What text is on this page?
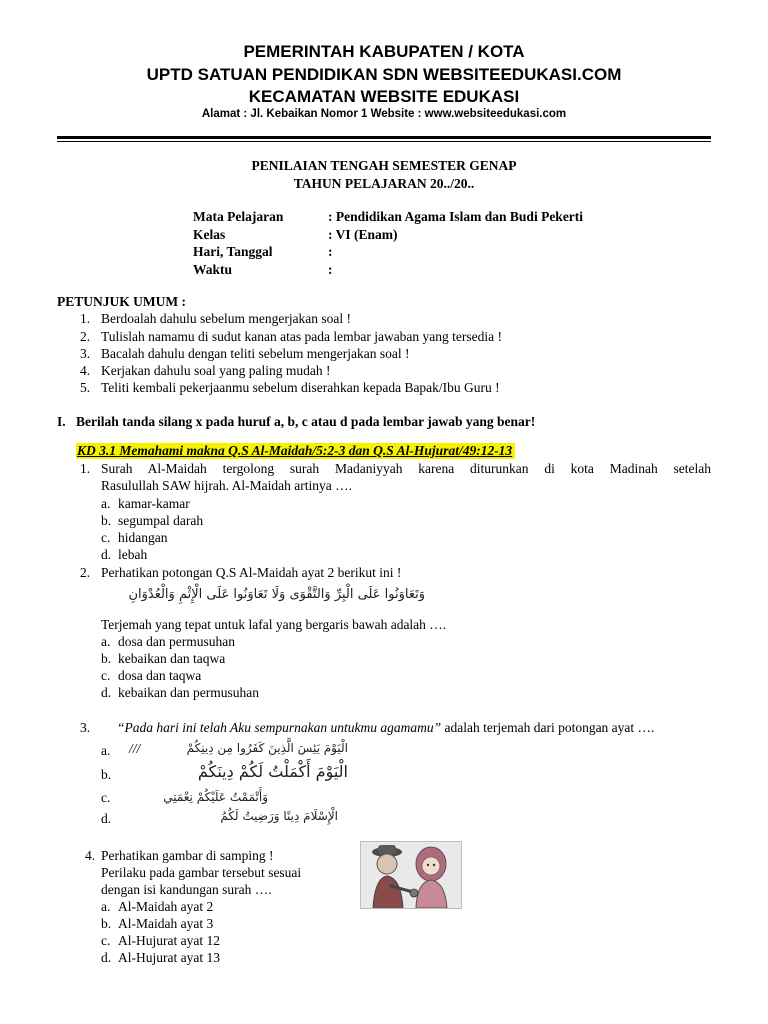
PEMERINTAH KABUPATEN / KOTA
UPTD SATUAN PENDIDIKAN SDN WEBSITEEDUKASI.COM
KECAMATAN WEBSITE EDUKASI
Alamat : Jl. Kebaikan Nomor 1 Website : www.websiteedukasi.com
PENILAIAN TENGAH SEMESTER GENAP
TAHUN PELAJARAN 20../20..
Mata Pelajaran	: Pendidikan Agama Islam dan Budi Pekerti
Kelas	: VI (Enam)
Hari, Tanggal	:
Waktu	:
PETUNJUK UMUM :
1. Berdoalah dahulu sebelum mengerjakan soal !
2. Tulislah namamu di sudut kanan atas pada lembar jawaban yang tersedia !
3. Bacalah dahulu dengan teliti sebelum mengerjakan soal !
4. Kerjakan dahulu soal yang paling mudah !
5. Teliti kembali pekerjaanmu sebelum diserahkan kepada Bapak/Ibu Guru !
I. Berilah tanda silang x pada huruf a, b, c atau d pada lembar jawab yang benar!
KD 3.1 Memahami makna Q.S Al-Maidah/5:2-3 dan Q.S Al-Hujurat/49:12-13
1. Surah Al-Maidah tergolong surah Madaniyyah karena diturunkan di kota Madinah setelah
Rasulullah SAW hijrah. Al-Maidah artinya ….
a. kamar-kamar
b. segumpal darah
c. hidangan
d. lebah
2. Perhatikan potongan Q.S Al-Maidah ayat 2 berikut ini !
وَتَعَاوَنُوا عَلَى الْبِرِّ وَالتَّقْوَى وَلَا تَعَاوَنُوا عَلَى الْإِثْمِ وَالْعُدْوَانِ
Terjemah yang tepat untuk lafal yang bergaris bawah adalah ….
a. dosa dan permusuhan
b. kebaikan dan taqwa
c. dosa dan taqwa
d. kebaikan dan permusuhan
3. “Pada hari ini telah Aku sempurnakan untukmu agamamu” adalah terjemah dari potongan ayat ….
a. ///	الْيَوْمَ يَئِسَ الَّذِينَ كَفَرُوا مِن دِينِكُمْ
b.	الْيَوْمَ أَكْمَلْتُ لَكُمْ دِينَكُمْ
c.	وَأَتْمَمْتُ عَلَيْكُمْ نِعْمَتِي
d.	الْإِسْلَامَ دِينًا وَرَضِيتُ لَكُمُ
4. Perhatikan gambar di samping !
Perilaku pada gambar tersebut sesuai
dengan isi kandungan surah ….
a. Al-Maidah ayat 2
b. Al-Maidah ayat 3
c. Al-Hujurat ayat 12
d. Al-Hujurat ayat 13
